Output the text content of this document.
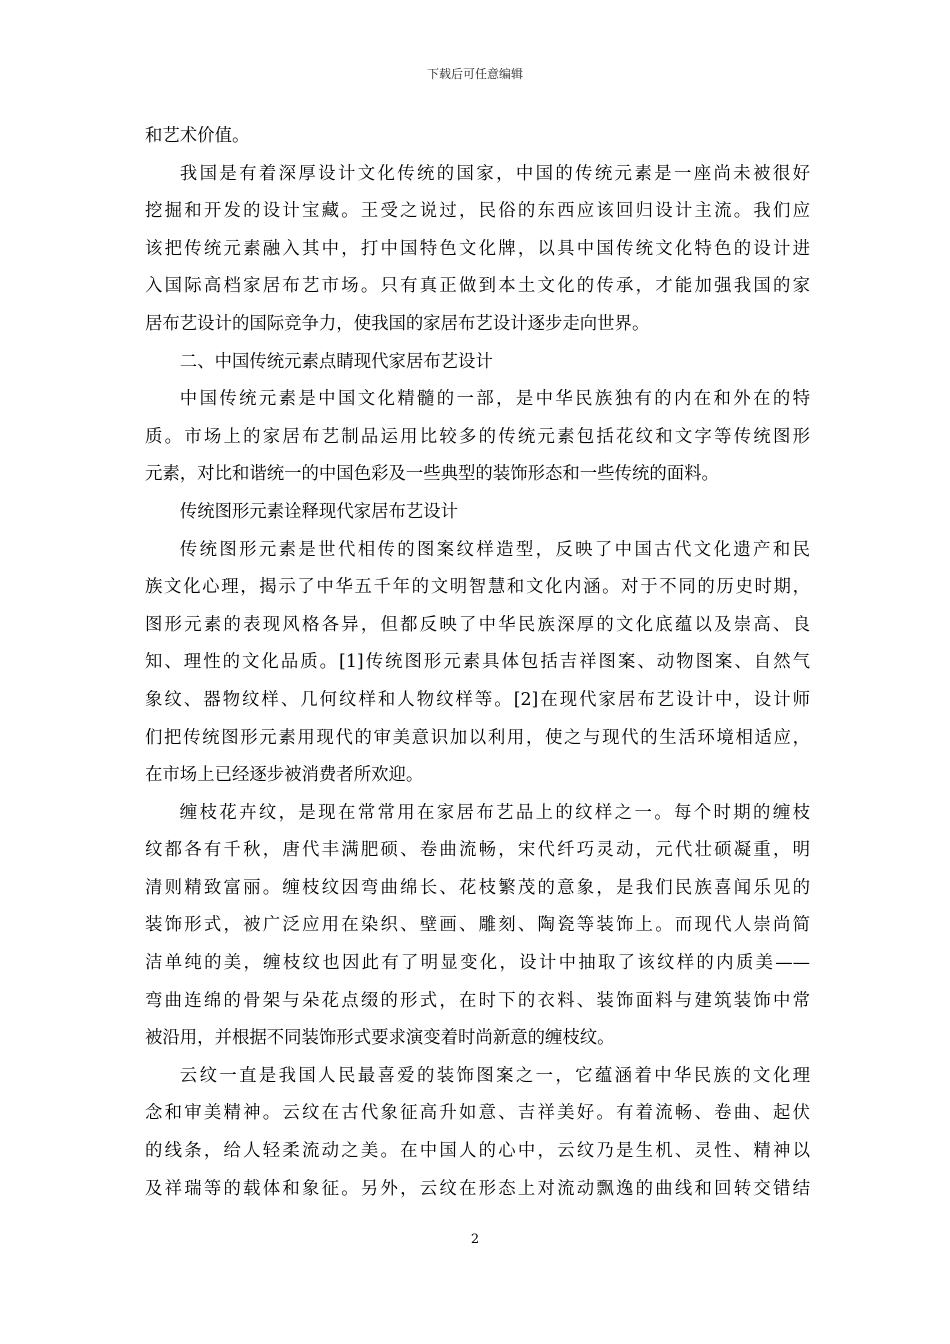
下载后可任意编辑
和艺术价值。
我国是有着深厚设计文化传统的国家，中国的传统元素是一座尚未被很好
挖掘和开发的设计宝藏。王受之说过，民俗的东西应该回归设计主流。我们应
该把传统元素融入其中，打中国特色文化牌，以具中国传统文化特色的设计进
入国际高档家居布艺市场。只有真正做到本土文化的传承，才能加强我国的家
居布艺设计的国际竞争力，使我国的家居布艺设计逐步走向世界。
二、中国传统元素点睛现代家居布艺设计
中国传统元素是中国文化精髓的一部，是中华民族独有的内在和外在的特
质。市场上的家居布艺制品运用比较多的传统元素包括花纹和文字等传统图形
元素，对比和谐统一的中国色彩及一些典型的装饰形态和一些传统的面料。
传统图形元素诠释现代家居布艺设计
传统图形元素是世代相传的图案纹样造型，反映了中国古代文化遗产和民
族文化心理，揭示了中华五千年的文明智慧和文化内涵。对于不同的历史时期，
图形元素的表现风格各异，但都反映了中华民族深厚的文化底蕴以及崇高、良
知、理性的文化品质。[1]传统图形元素具体包括吉祥图案、动物图案、自然气
象纹、器物纹样、几何纹样和人物纹样等。[2]在现代家居布艺设计中，设计师
们把传统图形元素用现代的审美意识加以利用，使之与现代的生活环境相适应，
在市场上已经逐步被消费者所欢迎。
缠枝花卉纹，是现在常常用在家居布艺品上的纹样之一。每个时期的缠枝
纹都各有千秋，唐代丰满肥硕、卷曲流畅，宋代纤巧灵动，元代壮硕凝重，明
清则精致富丽。缠枝纹因弯曲绵长、花枝繁茂的意象，是我们民族喜闻乐见的
装饰形式，被广泛应用在染织、壁画、雕刻、陶瓷等装饰上。而现代人崇尚简
洁单纯的美，缠枝纹也因此有了明显变化，设计中抽取了该纹样的内质美——
弯曲连绵的骨架与朵花点缀的形式，在时下的衣料、装饰面料与建筑装饰中常
被沿用，并根据不同装饰形式要求演变着时尚新意的缠枝纹。
云纹一直是我国人民最喜爱的装饰图案之一，它蕴涵着中华民族的文化理
念和审美精神。云纹在古代象征高升如意、吉祥美好。有着流畅、卷曲、起伏
的线条，给人轻柔流动之美。在中国人的心中，云纹乃是生机、灵性、精神以
及祥瑞等的载体和象征。另外，云纹在形态上对流动飘逸的曲线和回转交错结
2
